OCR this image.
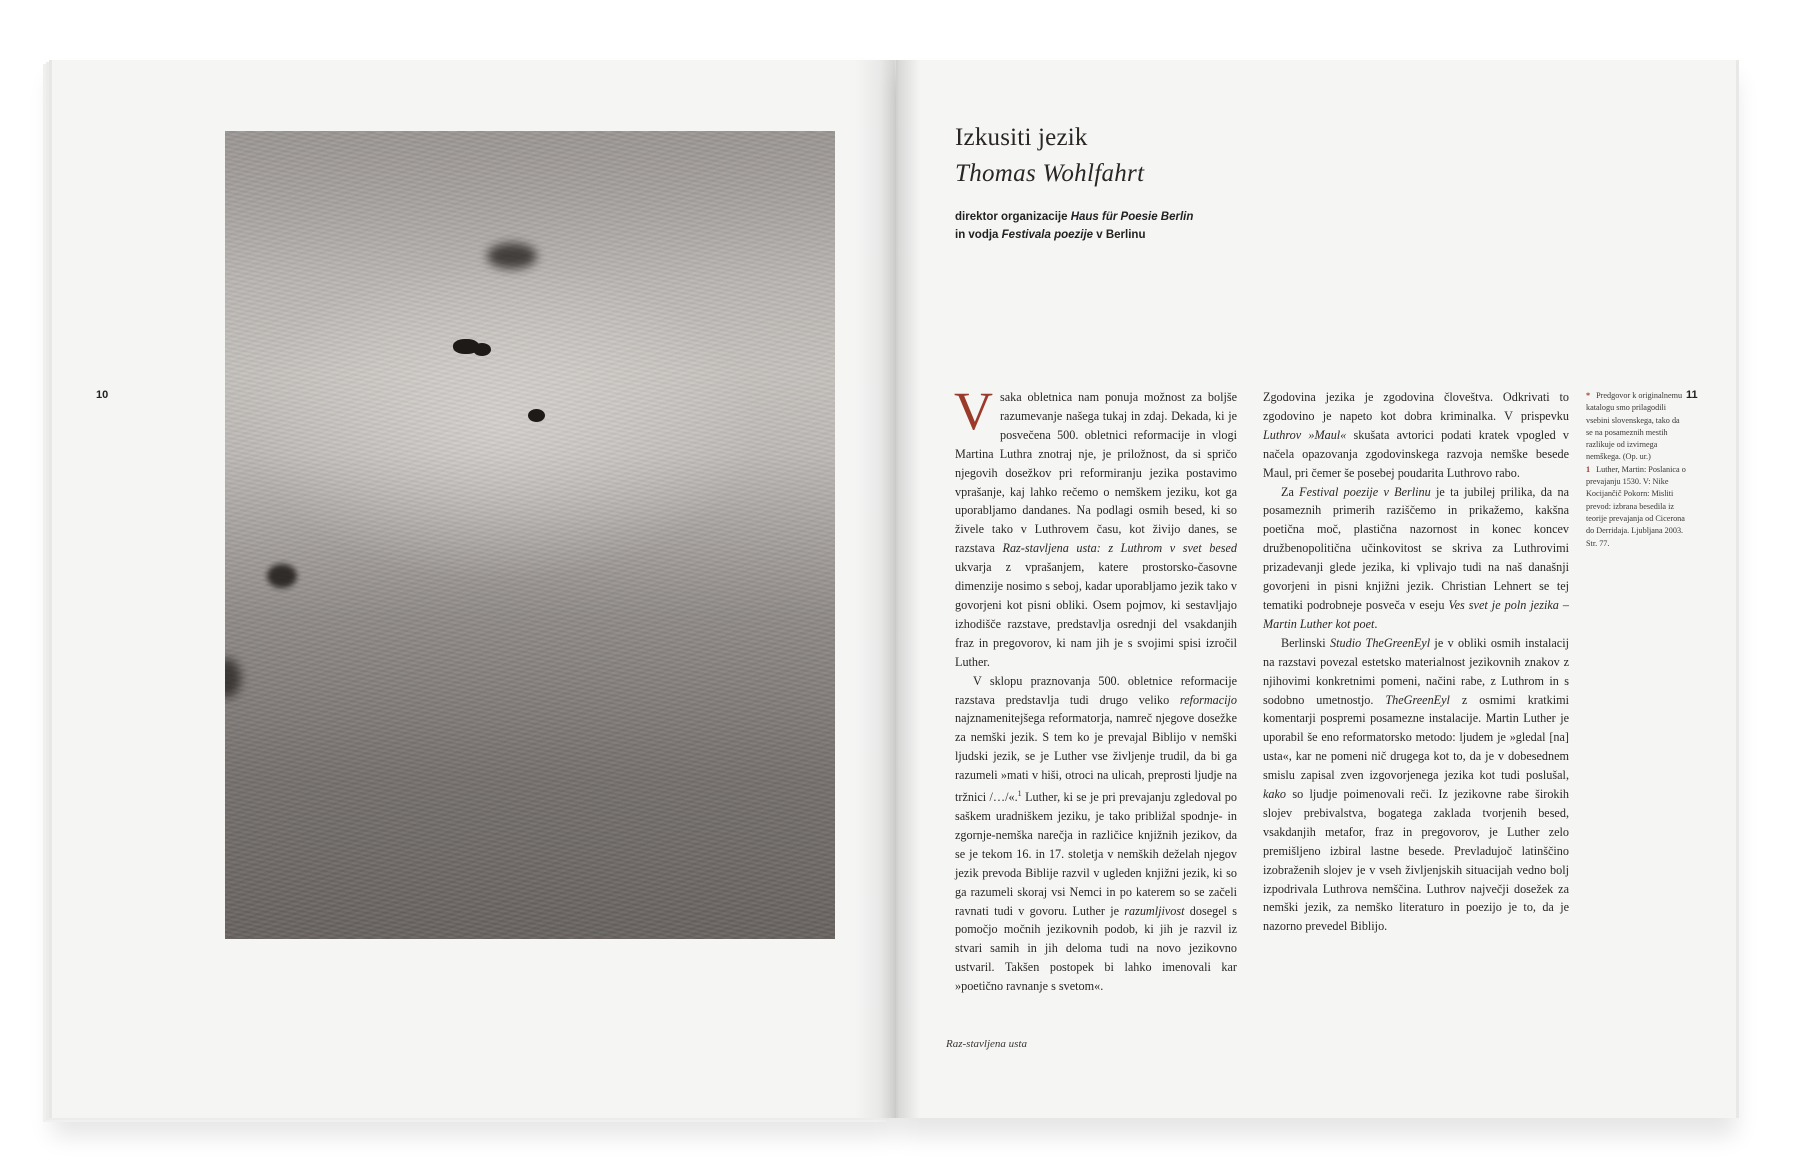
10	11
Izkusiti jezik
Thomas Wohlfahrt
direktor organizacije Haus für Poesie Berlin
in vodja Festivala poezije v Berlinu

Vsaka obletnica nam ponuja možnost za boljše razumevanje našega tukaj in zdaj. Dekada, ki je posvečena 500. obletnici reformacije in vlogi Martina Luthra znotraj nje, je priložnost, da si spričo njegovih dosežkov pri reformiranju jezika postavimo vprašanje, kaj lahko rečemo o nemškem jeziku, kot ga uporabljamo dandanes. Na podlagi osmih besed, ki so živele tako v Luthrovem času, kot živijo danes, se razstava Raz-stavljena usta: z Luthrom v svet besed ukvarja z vprašanjem, katere prostorsko-časovne dimenzije nosimo s seboj, kadar uporabljamo jezik tako v govorjeni kot pisni obliki. Osem pojmov, ki sestavljajo izhodišče razstave, predstavlja osrednji del vsakdanjih fraz in pregovorov, ki nam jih je s svojimi spisi izročil Luther.

V sklopu praznovanja 500. obletnice reformacije razstava predstavlja tudi drugo veliko reformacijo najznamenitejšega reformatorja, namreč njegove dosežke za nemški jezik. S tem ko je prevajal Biblijo v nemški ljudski jezik, se je Luther vse življenje trudil, da bi ga razumeli »mati v hiši, otroci na ulicah, preprosti ljudje na tržnici /…/«.$^1$ Luther, ki se je pri prevajanju zgledoval po saškem uradniškem jeziku, je tako približal spodnje- in zgornje-nemška narečja in različice knjižnih jezikov, da se je tekom 16. in 17. stoletja v nemških deželah njegov jezik prevoda Biblije razvil v ugleden knjižni jezik, ki so ga razumeli skoraj vsi Nemci in po katerem so se začeli ravnati tudi v govoru. Luther je razumljivost dosegel s pomočjo močnih jezikovnih podob, ki jih je razvil iz stvari samih in jih deloma tudi na novo jezikovno ustvaril. Takšen postopek bi lahko imenovali kar »poetično ravnanje s svetom«.

Zgodovina jezika je zgodovina človeštva. Odkrivati to zgodovino je napeto kot dobra kriminalka. V prispevku Luthrov »Maul« skušata avtorici podati kratek vpogled v načela opazovanja zgodovinskega razvoja nemške besede Maul, pri čemer še posebej poudarita Luthrovo rabo.

Za Festival poezije v Berlinu je ta jubilej prilika, da na posameznih primerih raziščemo in prikažemo, kakšna poetična moč, plastična nazornost in konec koncev družbenopolitična učinkovitost se skriva za Luthrovimi prizadevanji glede jezika, ki vplivajo tudi na naš današnji govorjeni in pisni knjižni jezik. Christian Lehnert se tej tematiki podrobneje posveča v eseju Ves svet je poln jezika – Martin Luther kot poet.

Berlinski Studio TheGreenEyl je v obliki osmih instalacij na razstavi povezal estetsko materialnost jezikovnih znakov z njihovimi konkretnimi pomeni, načini rabe, z Luthrom in s sodobno umetnostjo. TheGreenEyl z osmimi kratkimi komentarji pospremi posamezne instalacije. Martin Luther je uporabil še eno reformatorsko metodo: ljudem je »gledal [na] usta«, kar ne pomeni nič drugega kot to, da je v dobesednem smislu zapisal zven izgovorjenega jezika kot tudi poslušal, kako so ljudje poimenovali reči. Iz jezikovne rabe širokih slojev prebivalstva, bogatega zaklada tvorjenih besed, vsakdanjih metafor, fraz in pregovorov, je Luther zelo premišljeno izbiral lastne besede. Prevladujoč latinščino izobraženih slojev je v vseh življenjskih situacijah vedno bolj izpodrivala Luthrova nemščina. Luthrov največji dosežek za nemški jezik, za nemško literaturo in poezijo je to, da je nazorno prevedel Biblijo.

* Predgovor k originalnemu katalogu smo prilagodili vsebini slovenskega, tako da se na posameznih mestih razlikuje od izvirnega nemškega. (Op. ur.)

1 Luther, Martin: Poslanica o prevajanju 1530. V: Nike Kocijančič Pokorn: Misliti prevod: izbrana besedila iz teorije prevajanja od Cicerona do Derridaja. Ljubljana 2003. Str. 77.

Raz-stavljena usta
